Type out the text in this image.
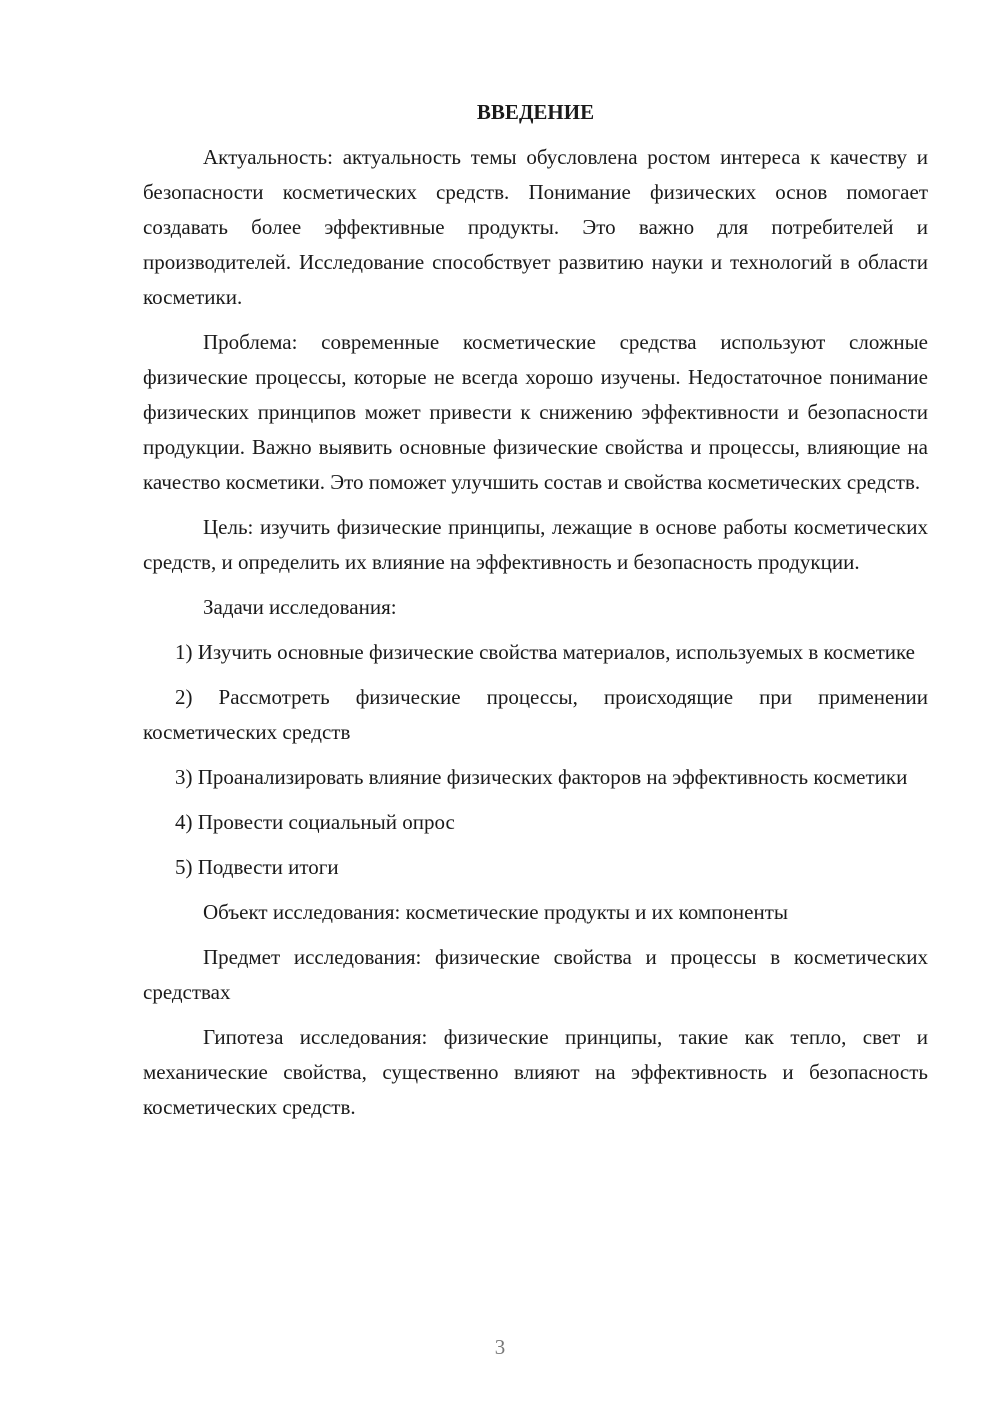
ВВЕДЕНИЕ

Актуальность: актуальность темы обусловлена ростом интереса к качеству и безопасности косметических средств. Понимание физических основ помогает создавать более эффективные продукты. Это важно для потребителей и производителей. Исследование способствует развитию науки и технологий в области косметики.

Проблема: современные косметические средства используют сложные физические процессы, которые не всегда хорошо изучены. Недостаточное понимание физических принципов может привести к снижению эффективности и безопасности продукции. Важно выявить основные физические свойства и процессы, влияющие на качество косметики. Это поможет улучшить состав и свойства косметических средств.

Цель: изучить физические принципы, лежащие в основе работы косметических средств, и определить их влияние на эффективность и безопасность продукции.

Задачи исследования:

1) Изучить основные физические свойства материалов, используемых в косметике

2) Рассмотреть физические процессы, происходящие при применении косметических средств

3) Проанализировать влияние физических факторов на эффективность косметики

4) Провести социальный опрос

5) Подвести итоги

Объект исследования: косметические продукты и их компоненты

Предмет исследования: физические свойства и процессы в косметических средствах

Гипотеза исследования: физические принципы, такие как тепло, свет и механические свойства, существенно влияют на эффективность и безопасность косметических средств.

3
